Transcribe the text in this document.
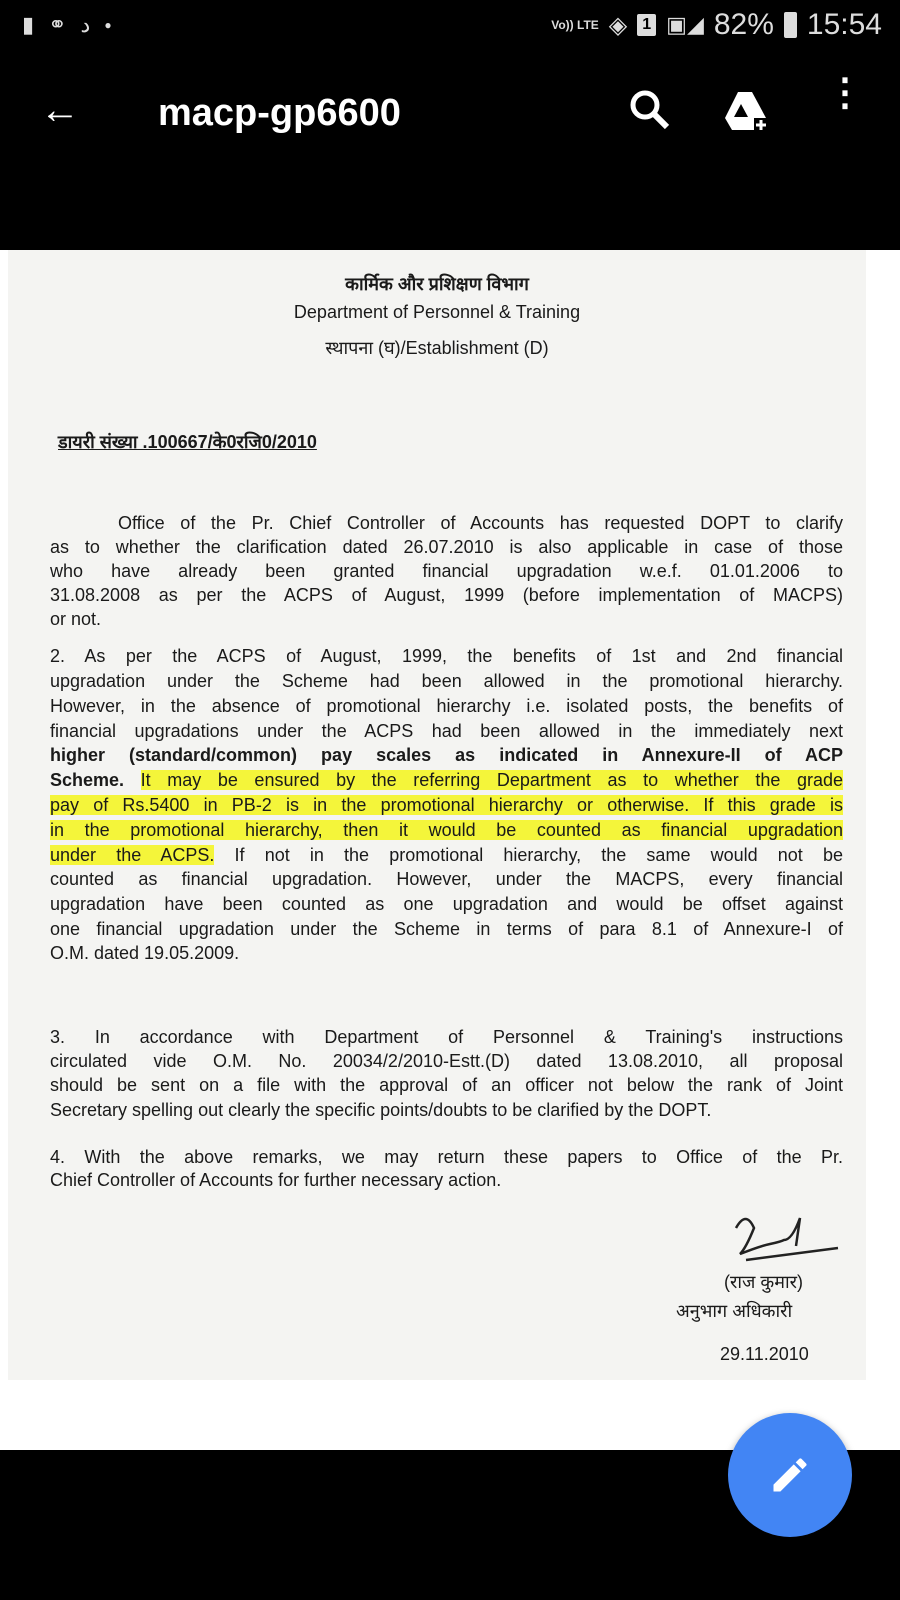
▮ ⚭ د ●	Vo)) LTE ◈ 1 ▣◢ 82% 15:54
← macp-gp6600	⋮
कार्मिक और प्रशिक्षण विभाग
Department of Personnel & Training
स्थापना (घ)/Establishment (D)
डायरी संख्या .100667/के0रजि0/2010
Office of the Pr. Chief Controller of Accounts has requested DOPT to clarify
as to whether the clarification dated 26.07.2010 is also applicable in case of those
who have already been granted financial upgradation w.e.f. 01.01.2006 to
31.08.2008 as per the ACPS of August, 1999 (before implementation of MACPS)
or not.
2. As per the ACPS of August, 1999, the benefits of 1st and 2nd financial
upgradation under the Scheme had been allowed in the promotional hierarchy.
However, in the absence of promotional hierarchy i.e. isolated posts, the benefits of
financial upgradations under the ACPS had been allowed in the immediately next
higher (standard/common) pay scales as indicated in Annexure-II of ACP
Scheme. It may be ensured by the referring Department as to whether the grade
pay of Rs.5400 in PB-2 is in the promotional hierarchy or otherwise. If this grade is
in the promotional hierarchy, then it would be counted as financial upgradation
under the ACPS. If not in the promotional hierarchy, the same would not be
counted as financial upgradation. However, under the MACPS, every financial
upgradation have been counted as one upgradation and would be offset against
one financial upgradation under the Scheme in terms of para 8.1 of Annexure-I of
O.M. dated 19.05.2009.
3. In accordance with Department of Personnel & Training's instructions
circulated vide O.M. No. 20034/2/2010-Estt.(D) dated 13.08.2010, all proposal
should be sent on a file with the approval of an officer not below the rank of Joint
Secretary spelling out clearly the specific points/doubts to be clarified by the DOPT.
4. With the above remarks, we may return these papers to Office of the Pr.
Chief Controller of Accounts for further necessary action.
(राज कुमार)
अनुभाग अधिकारी
29.11.2010
